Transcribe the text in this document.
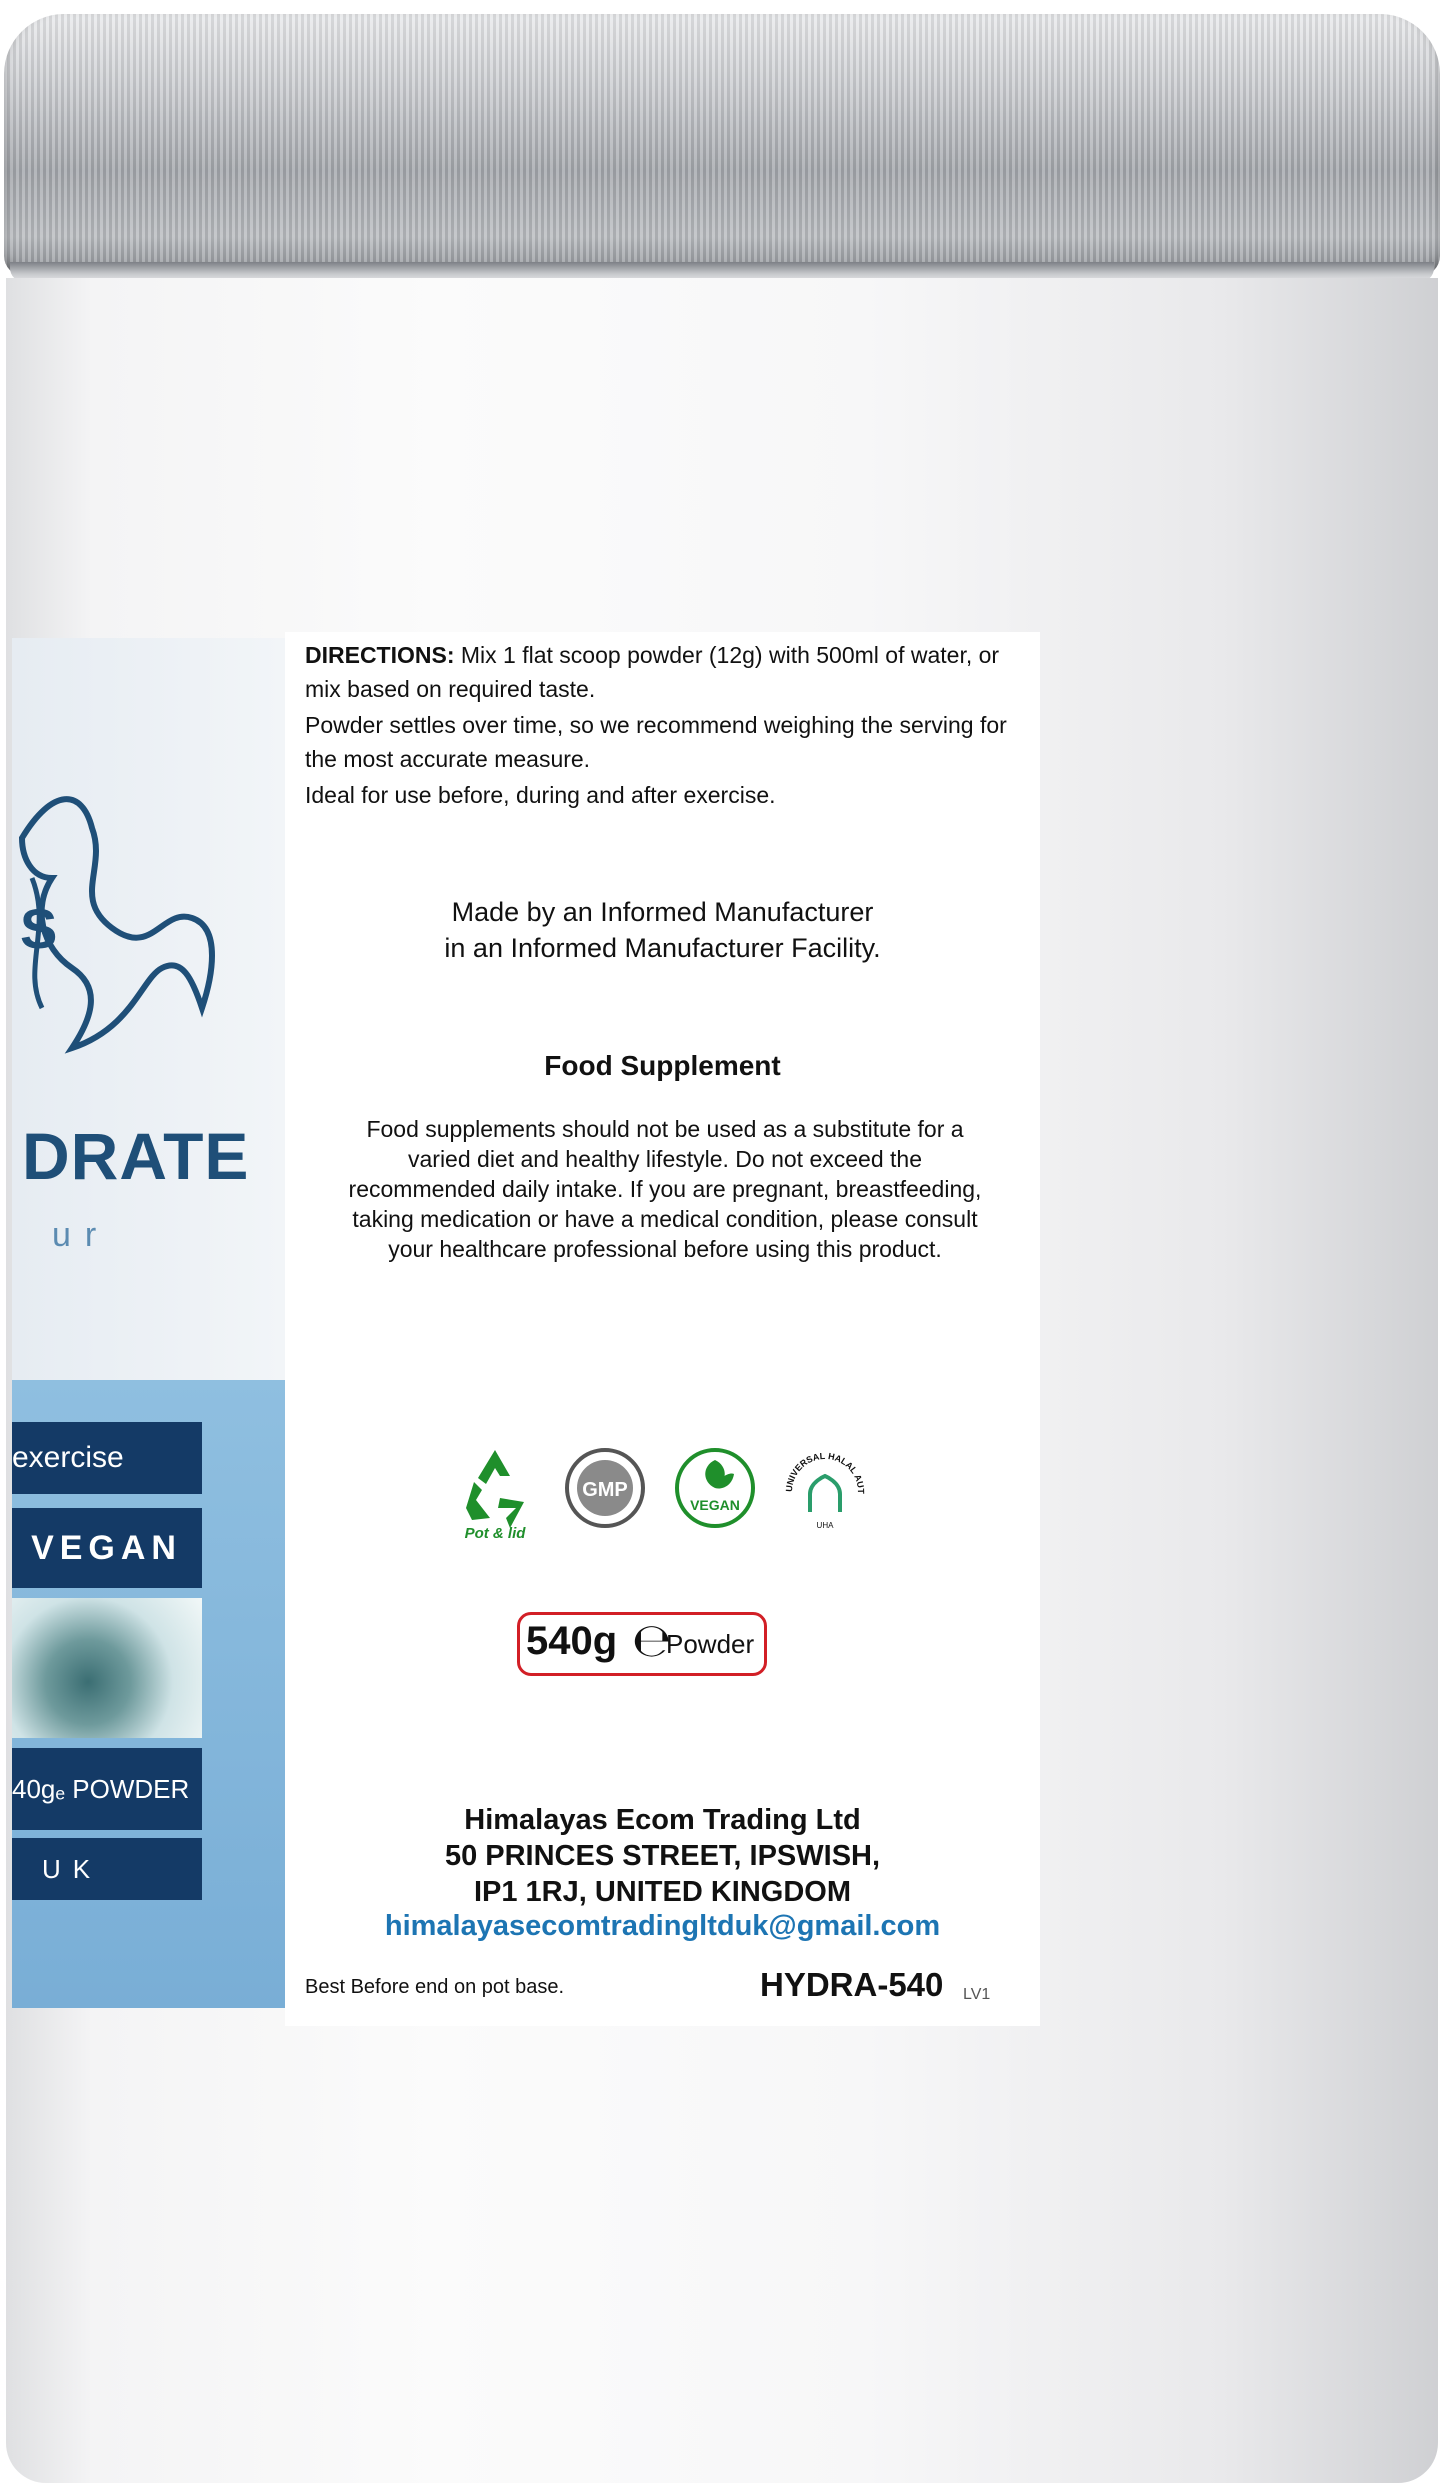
S
DRATE
ur
exercise
VEGAN
40gₑ POWDER
UK

DIRECTIONS: Mix 1 flat scoop powder (12g) with 500ml of water, or mix based on required taste.

Powder settles over time, so we recommend weighing the serving for the most accurate measure.

Ideal for use before, during and after exercise.

Made by an Informed Manufacturer
in an Informed Manufacturer Facility.
Food Supplement
Food supplements should not be used as a substitute for a varied diet and healthy lifestyle. Do not exceed the recommended daily intake. If you are pregnant, breastfeeding, taking medication or have a medical condition, please consult your healthcare professional before using this product.
Pot & lid
GMP
VEGAN
UNIVERSAL HALAL AUT
UHA
540g ℮
Powder
Himalayas Ecom Trading Ltd
50 PRINCES STREET, IPSWISH,
IP1 1RJ, UNITED KINGDOM
himalayasecomtradingltduk@gmail.com
Best Before end on pot base.	HYDRA-540 LV1
